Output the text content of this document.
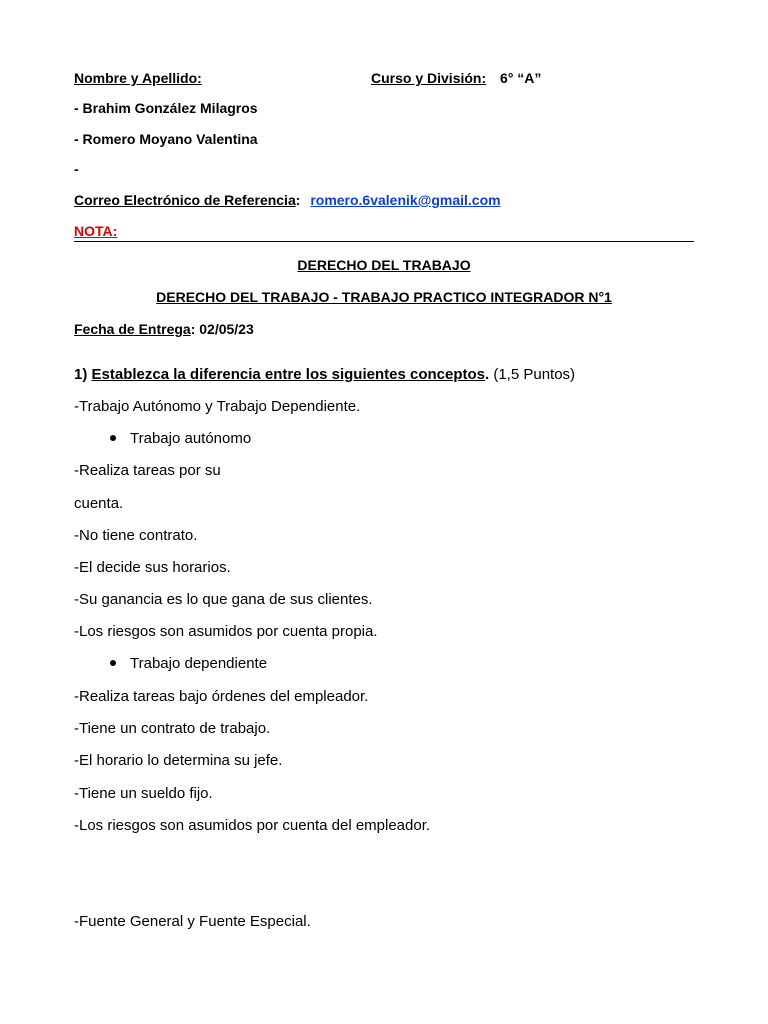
Nombre y Apellido:	Curso y División: 6° “A”
- Brahim González Milagros
- Romero Moyano Valentina
-
Correo Electrónico de Referencia: romero.6valenik@gmail.com
NOTA:
DERECHO DEL TRABAJO
DERECHO DEL TRABAJO - TRABAJO PRACTICO INTEGRADOR N°1
Fecha de Entrega: 02/05/23
1) Establezca la diferencia entre los siguientes conceptos. (1,5 Puntos)
-Trabajo Autónomo y Trabajo Dependiente.
Trabajo autónomo
-Realiza tareas por su
cuenta.
-No tiene contrato.
-El decide sus horarios.
-Su ganancia es lo que gana de sus clientes.
-Los riesgos son asumidos por cuenta propia.
Trabajo dependiente
-Realiza tareas bajo órdenes del empleador.
-Tiene un contrato de trabajo.
-El horario lo determina su jefe.
-Tiene un sueldo fijo.
-Los riesgos son asumidos por cuenta del empleador.
-Fuente General y Fuente Especial.
